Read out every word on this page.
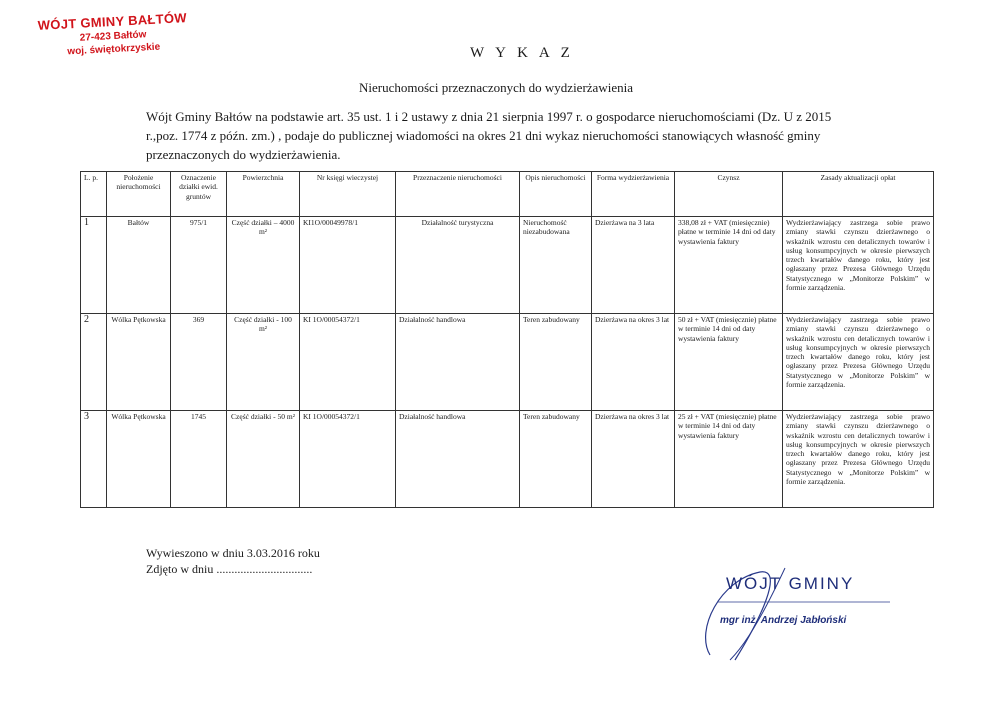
WÓJT GMINY BAŁTÓW
27-423 Bałtów
woj. świętokrzyskie	W Y K A Z
Nieruchomości przeznaczonych do wydzierżawienia
Wójt Gminy Bałtów na podstawie art. 35 ust. 1 i 2 ustawy z dnia 21 sierpnia 1997 r. o gospodarce nieruchomościami (Dz. U z 2015 r.,poz. 1774 z późn. zm.) , podaje do publicznej wiadomości na okres 21 dni wykaz nieruchomości stanowiących własność gminy przeznaczonych do wydzierżawienia.
L. p.	Położenie nieruchomości	Oznaczenie działki ewid. gruntów	Powierzchnia	Nr księgi wieczystej	Przeznaczenie nieruchomości	Opis nieruchomości	Forma wydzierżawienia	Czynsz	Zasady aktualizacji opłat
1	Bałtów	975/1	Część działki – 4000 m²	KI1O/00049978/1	Działalność turystyczna	Nieruchomość niezabudowana	Dzierżawa na 3 lata	338,08 zł + VAT (miesięcznie) płatne w terminie 14 dni od daty wystawienia faktury	Wydzierżawiający zastrzega sobie prawo zmiany stawki czynszu dzierżawnego o wskaźnik wzrostu cen detalicznych towarów i usług konsumpcyjnych w okresie pierwszych trzech kwartałów danego roku, który jest ogłaszany przez Prezesa Głównego Urzędu Statystycznego w „Monitorze Polskim” w formie zarządzenia.
2	Wólka Pętkowska	369	Część działki - 100 m²	KI 1O/00054372/1	Działalność handlowa	Teren zabudowany	Dzierżawa na okres 3 lat	50 zł + VAT (miesięcznie) płatne w terminie 14 dni od daty wystawienia faktury	Wydzierżawiający zastrzega sobie prawo zmiany stawki czynszu dzierżawnego o wskaźnik wzrostu cen detalicznych towarów i usług konsumpcyjnych w okresie pierwszych trzech kwartałów danego roku, który jest ogłaszany przez Prezesa Głównego Urzędu Statystycznego w „Monitorze Polskim” w formie zarządzenia.
3	Wólka Pętkowska	1745	Część działki - 50 m²	KI 1O/00054372/1	Działalność handlowa	Teren zabudowany	Dzierżawa na okres 3 lat	25 zł + VAT (miesięcznie) płatne w terminie 14 dni od daty wystawienia faktury	Wydzierżawiający zastrzega sobie prawo zmiany stawki czynszu dzierżawnego o wskaźnik wzrostu cen detalicznych towarów i usług konsumpcyjnych w okresie pierwszych trzech kwartałów danego roku, który jest ogłaszany przez Prezesa Głównego Urzędu Statystycznego w „Monitorze Polskim” w formie zarządzenia.
Wywieszono w dniu 3.03.2016 roku
Zdjęto w dniu ................................
WÓJT GMINY
mgr inż. Andrzej Jabłoński
